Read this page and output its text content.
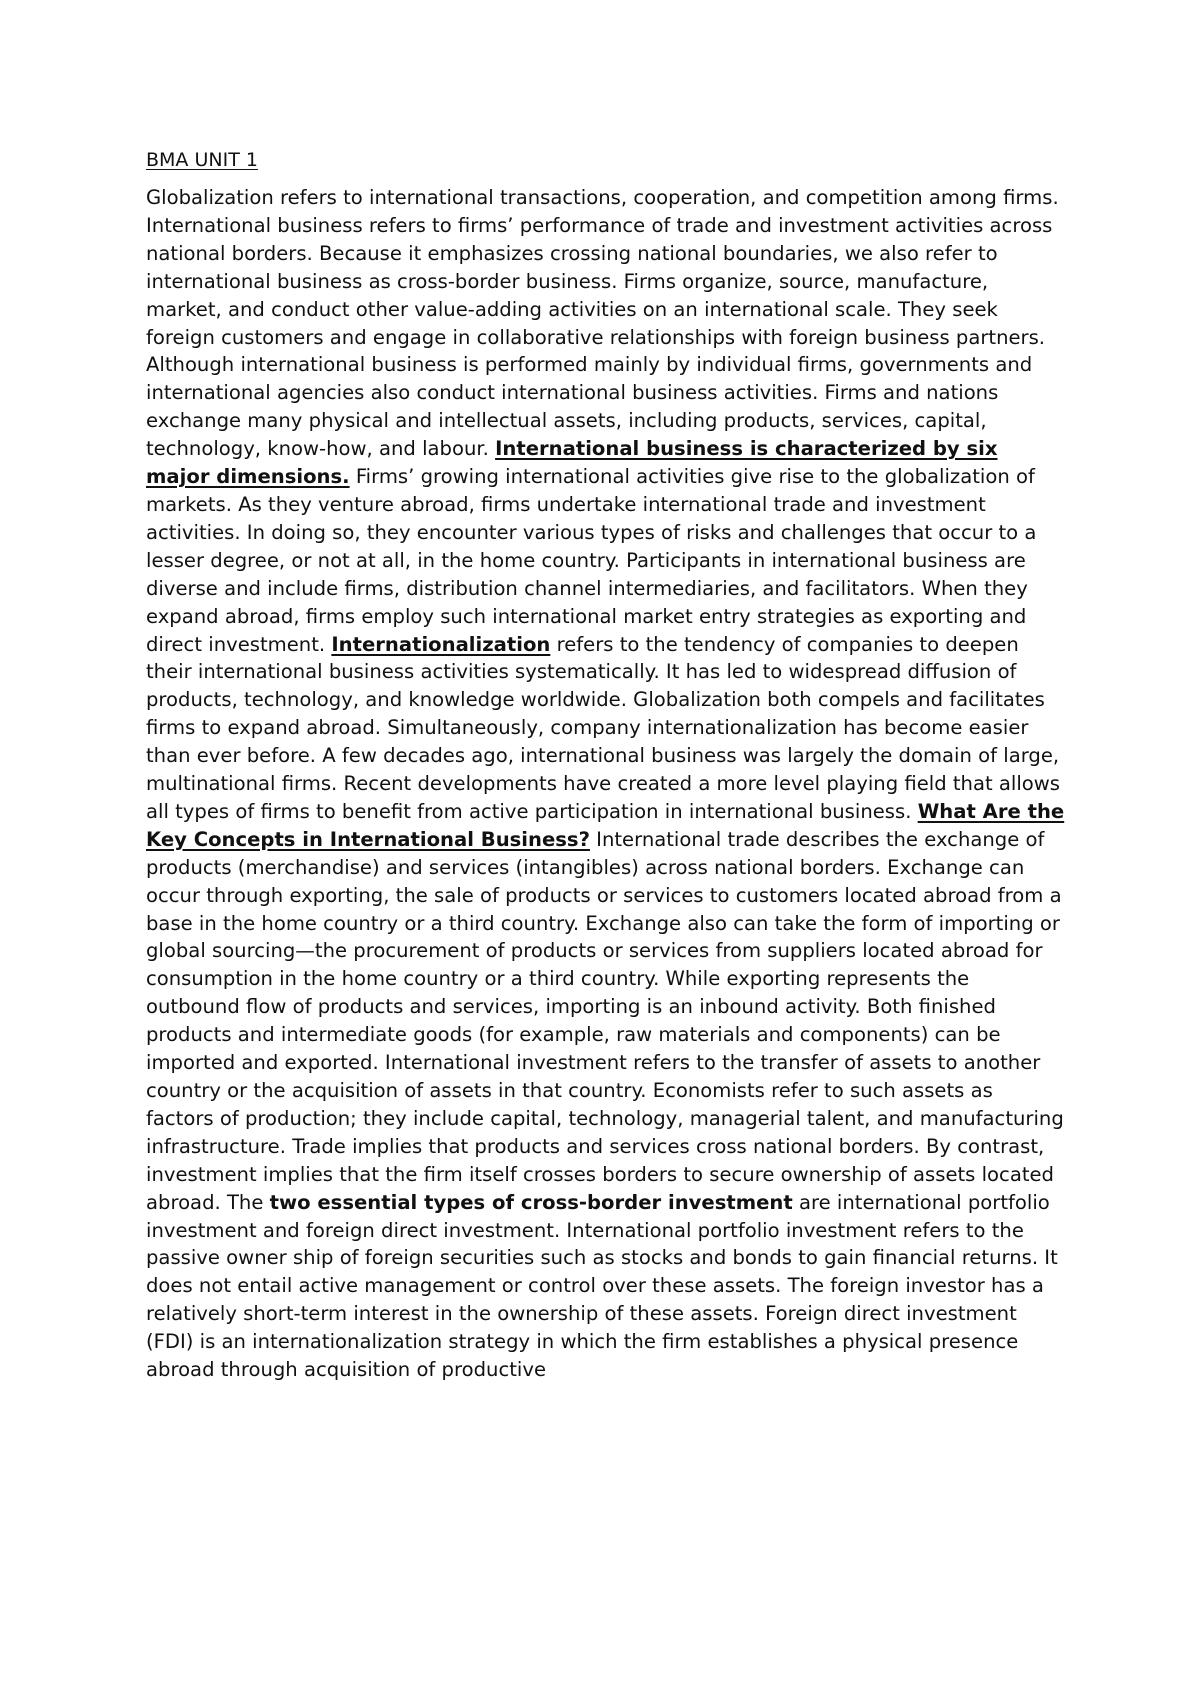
BMA UNIT 1

Globalization refers to international transactions, cooperation, and competition among firms. International business refers to firms’ performance of trade and investment activities across national borders. Because it emphasizes crossing national boundaries, we also refer to international business as cross-border business. Firms organize, source, manufacture, market, and conduct other value-adding activities on an international scale. They seek foreign customers and engage in collaborative relationships with foreign business partners. Although international business is performed mainly by individual firms, governments and international agencies also conduct international business activities. Firms and nations exchange many physical and intellectual assets, including products, services, capital, technology, know-how, and labour. International business is characterized by six major dimensions. Firms’ growing international activities give rise to the globalization of markets. As they venture abroad, firms undertake international trade and investment activities. In doing so, they encounter various types of risks and challenges that occur to a lesser degree, or not at all, in the home country. Participants in international business are diverse and include firms, distribution channel intermediaries, and facilitators. When they expand abroad, firms employ such international market entry strategies as exporting and direct investment. Internationalization refers to the tendency of companies to deepen their international business activities systematically. It has led to widespread diffusion of products, technology, and knowledge worldwide. Globalization both compels and facilitates firms to expand abroad. Simultaneously, company internationalization has become easier than ever before. A few decades ago, international business was largely the domain of large, multinational firms. Recent developments have created a more level playing field that allows all types of firms to benefit from active participation in international business. What Are the Key Concepts in International Business? International trade describes the exchange of products (merchandise) and services (intangibles) across national borders. Exchange can occur through exporting, the sale of products or services to customers located abroad from a base in the home country or a third country. Exchange also can take the form of importing or global sourcing—the procurement of products or services from suppliers located abroad for consumption in the home country or a third country. While exporting represents the outbound flow of products and services, importing is an inbound activity. Both finished products and intermediate goods (for example, raw materials and components) can be imported and exported. International investment refers to the transfer of assets to another country or the acquisition of assets in that country. Economists refer to such assets as factors of production; they include capital, technology, managerial talent, and manufacturing infrastructure. Trade implies that products and services cross national borders. By contrast, investment implies that the firm itself crosses borders to secure ownership of assets located abroad. The two essential types of cross-border investment are international portfolio investment and foreign direct investment. International portfolio investment refers to the passive owner ship of foreign securities such as stocks and bonds to gain financial returns. It does not entail active management or control over these assets. The foreign investor has a relatively short-term interest in the ownership of these assets. Foreign direct investment (FDI) is an internationalization strategy in which the firm establishes a physical presence abroad through acquisition of productive
